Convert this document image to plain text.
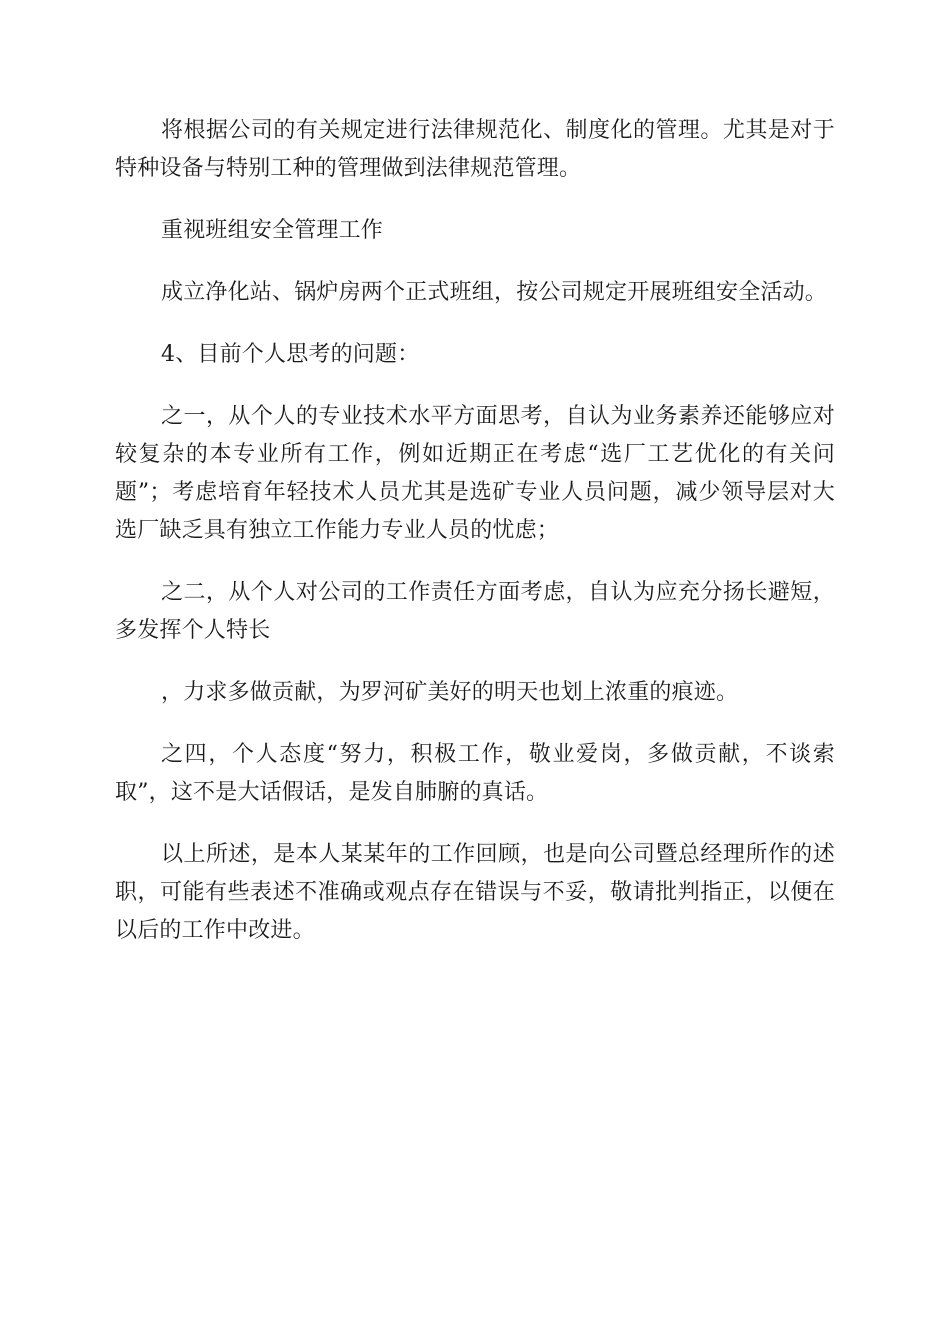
将根据公司的有关规定进行法律规范化、制度化的管理。尤其是对于特种设备与特别工种的管理做到法律规范管理。

重视班组安全管理工作

成立净化站、锅炉房两个正式班组，按公司规定开展班组安全活动。

4、目前个人思考的问题：

之一，从个人的专业技术水平方面思考，自认为业务素养还能够应对较复杂的本专业所有工作，例如近期正在考虑“选厂工艺优化的有关问题”；考虑培育年轻技术人员尤其是选矿专业人员问题，减少领导层对大选厂缺乏具有独立工作能力专业人员的忧虑；

之二，从个人对公司的工作责任方面考虑，自认为应充分扬长避短，多发挥个人特长

，力求多做贡献，为罗河矿美好的明天也划上浓重的痕迹。

之四，个人态度“努力，积极工作，敬业爱岗，多做贡献，不谈索取”，这不是大话假话，是发自肺腑的真话。

以上所述，是本人某某年的工作回顾，也是向公司暨总经理所作的述职，可能有些表述不准确或观点存在错误与不妥，敬请批判指正，以便在以后的工作中改进。
